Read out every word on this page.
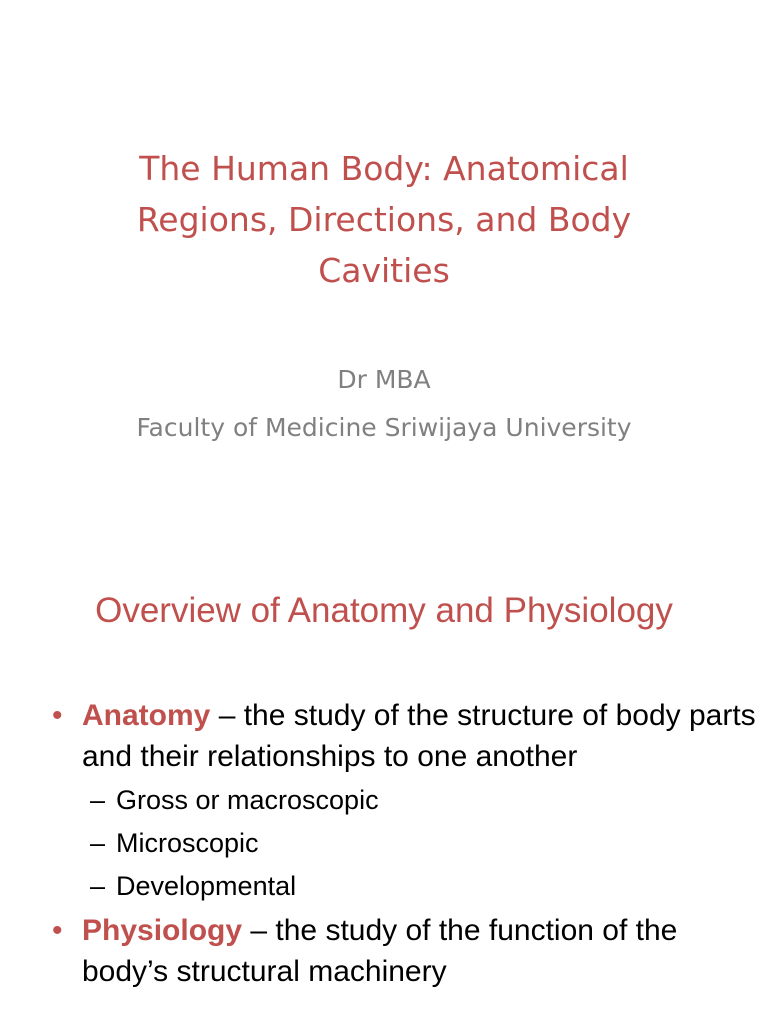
The Human Body: Anatomical
Regions, Directions, and Body
Cavities
Dr MBA
Faculty of Medicine Sriwijaya University
Overview of Anatomy and Physiology
• Anatomy – the study of the structure of body parts and their relationships to one another
– Gross or macroscopic
– Microscopic
– Developmental
• Physiology – the study of the function of the body’s structural machinery
